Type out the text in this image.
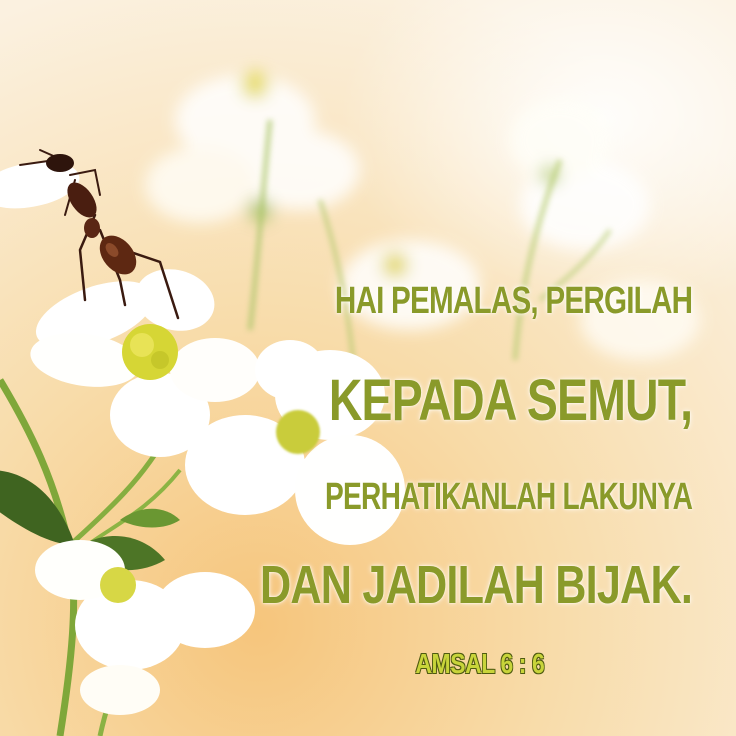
HAI PEMALAS, PERGILAH

KEPADA SEMUT,

PERHATIKANLAH LAKUNYA

DAN JADILAH BIJAK.

AMSAL 6 : 6
